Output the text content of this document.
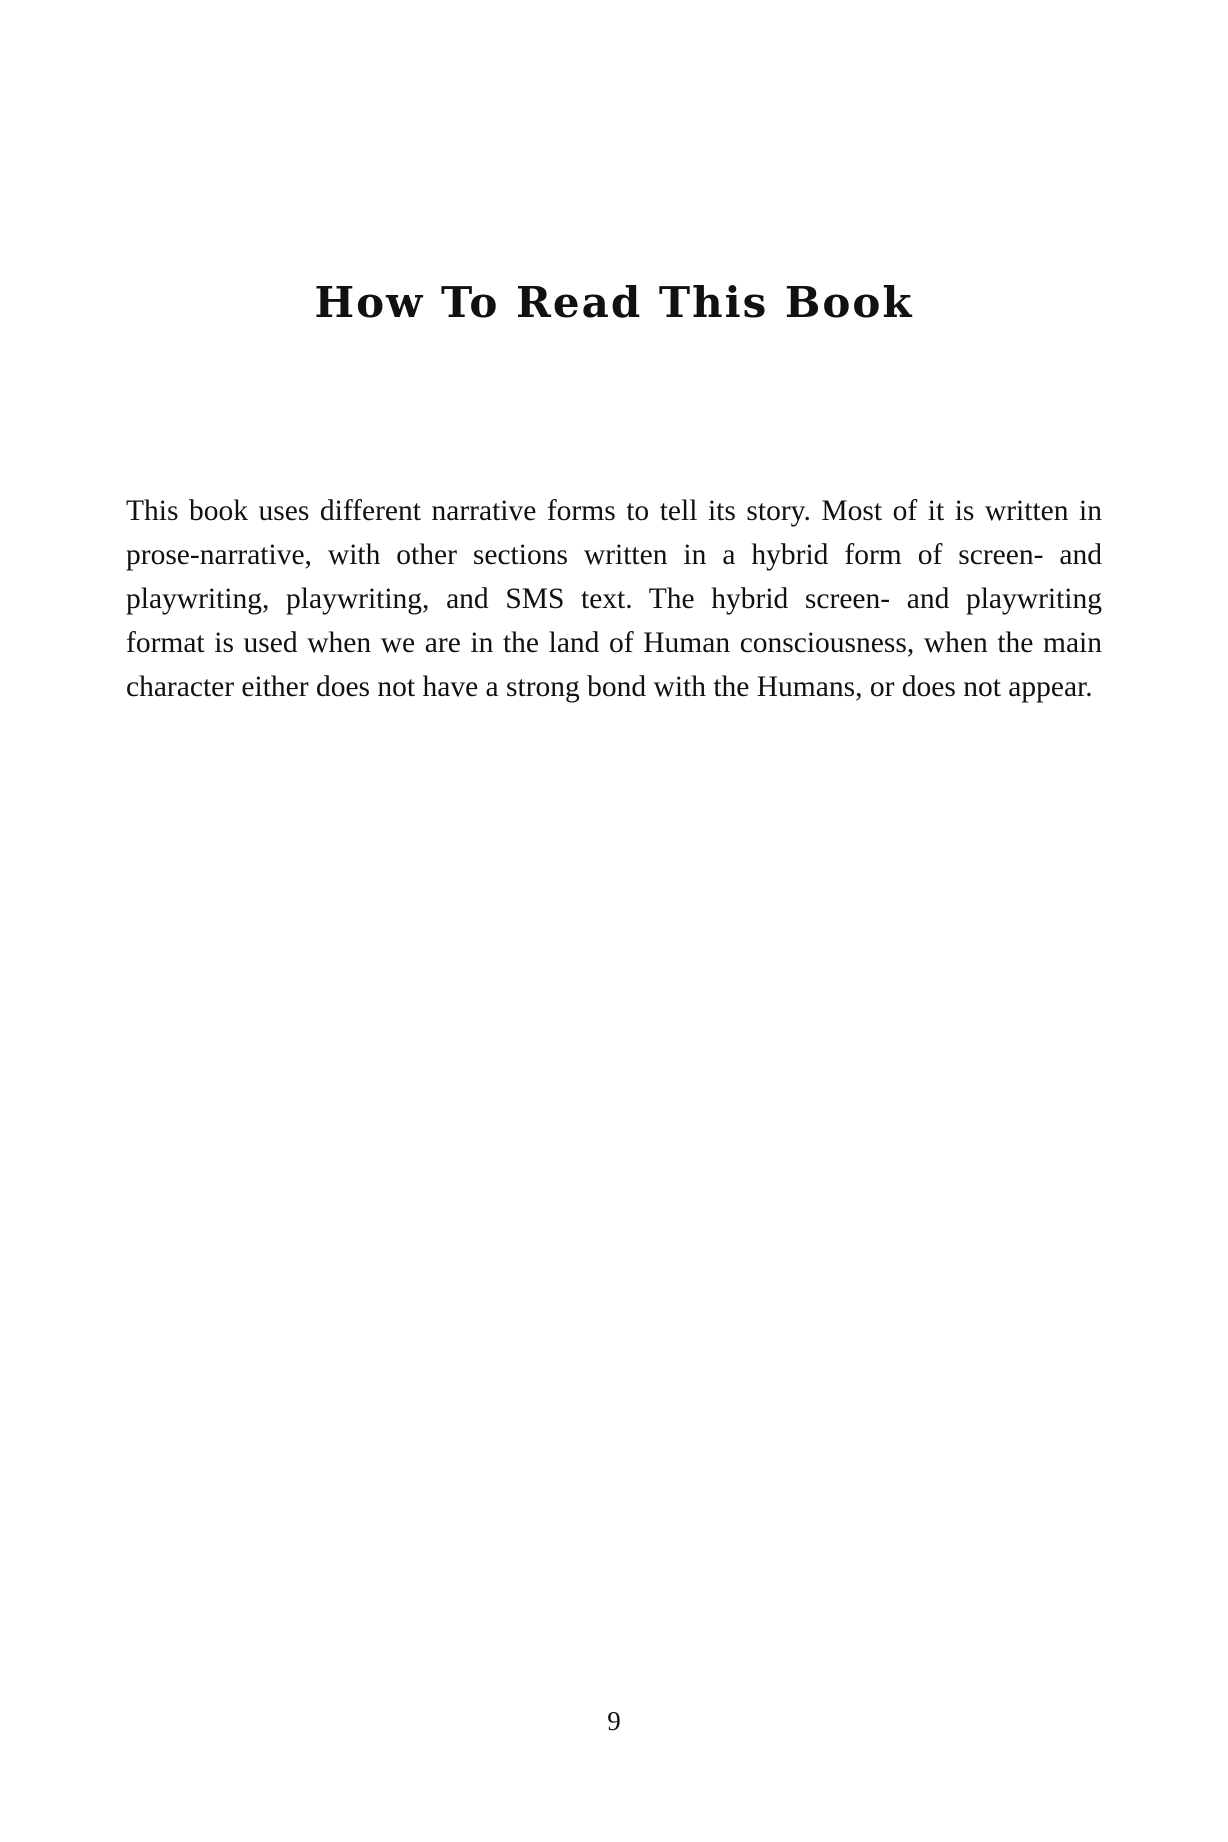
How To Read This Book

This book uses different narrative forms to tell its story. Most of it is written in prose-narrative, with other sections written in a hybrid form of screen- and playwriting, playwriting, and SMS text. The hybrid screen- and playwriting format is used when we are in the land of Human consciousness, when the main character either does not have a strong bond with the Humans, or does not appear.

9
